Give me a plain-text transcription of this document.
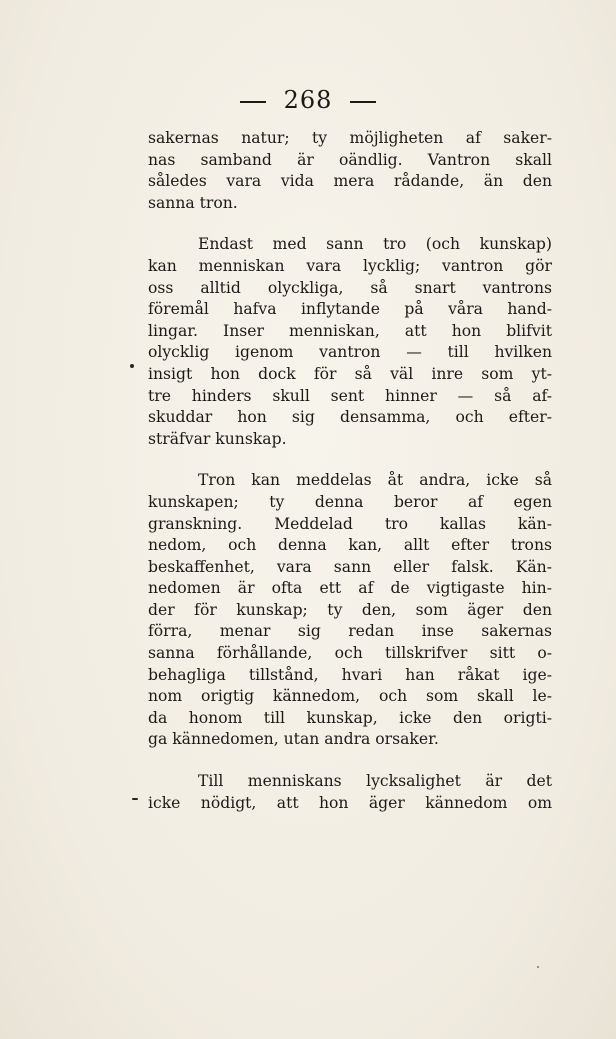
268
sakernas natur; ty möjligheten af saker-
nas samband är oändlig. Vantron skall
således vara vida mera rådande, än den
sanna tron.
Endast med sann tro (och kunskap)
kan menniskan vara lycklig; vantron gör
oss alltid olyckliga, så snart vantrons
föremål hafva inflytande på våra hand-
lingar. Inser menniskan, att hon blifvit
olycklig igenom vantron — till hvilken
insigt hon dock för så väl inre som yt-
tre hinders skull sent hinner — så af-
skuddar hon sig densamma, och efter-
sträfvar kunskap.
Tron kan meddelas åt andra, icke så
kunskapen; ty denna beror af egen
granskning. Meddelad tro kallas kän-
nedom, och denna kan, allt efter trons
beskaffenhet, vara sann eller falsk. Kän-
nedomen är ofta ett af de vigtigaste hin-
der för kunskap; ty den, som äger den
förra, menar sig redan inse sakernas
sanna förhållande, och tillskrifver sitt o-
behagliga tillstånd, hvari han råkat ige-
nom origtig kännedom, och som skall le-
da honom till kunskap, icke den origti-
ga kännedomen, utan andra orsaker.
Till menniskans lycksalighet är det
icke nödigt, att hon äger kännedom om
